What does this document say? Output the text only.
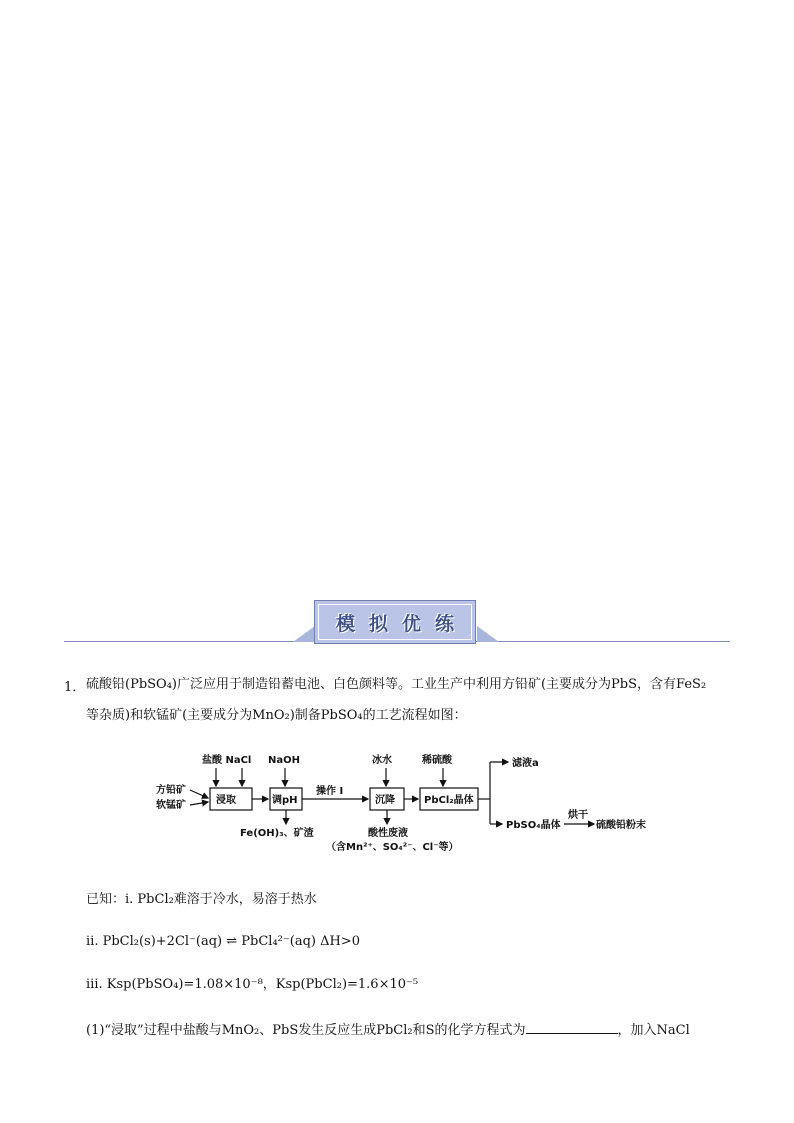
模拟优练
1． 硫酸铅(PbSO₄)广泛应用于制造铅蓄电池、白色颜料等。工业生产中利用方铅矿(主要成分为PbS，含有FeS₂
等杂质)和软锰矿(主要成分为MnO₂)制备PbSO₄的工艺流程如图：
方铅矿
软锰矿
盐酸 NaCl
浸取
NaOH
调pH
Fe(OH)₃、矿渣
操作 I
冰水
沉降
酸性废液
（含Mn²⁺、SO₄²⁻、Cl⁻等）
稀硫酸
PbCl₂晶体
滤液a
PbSO₄晶体
烘干
硫酸铅粉末
已知：ⅰ. PbCl₂难溶于冷水，易溶于热水
ⅱ. PbCl₂(s)+2Cl⁻(aq) ⇌ PbCl₄²⁻(aq) ΔH>0
ⅲ. Ksp(PbSO₄)=1.08×10⁻⁸，Ksp(PbCl₂)=1.6×10⁻⁵
(1)“浸取”过程中盐酸与MnO₂、PbS发生反应生成PbCl₂和S的化学方程式为	，加入NaCl
